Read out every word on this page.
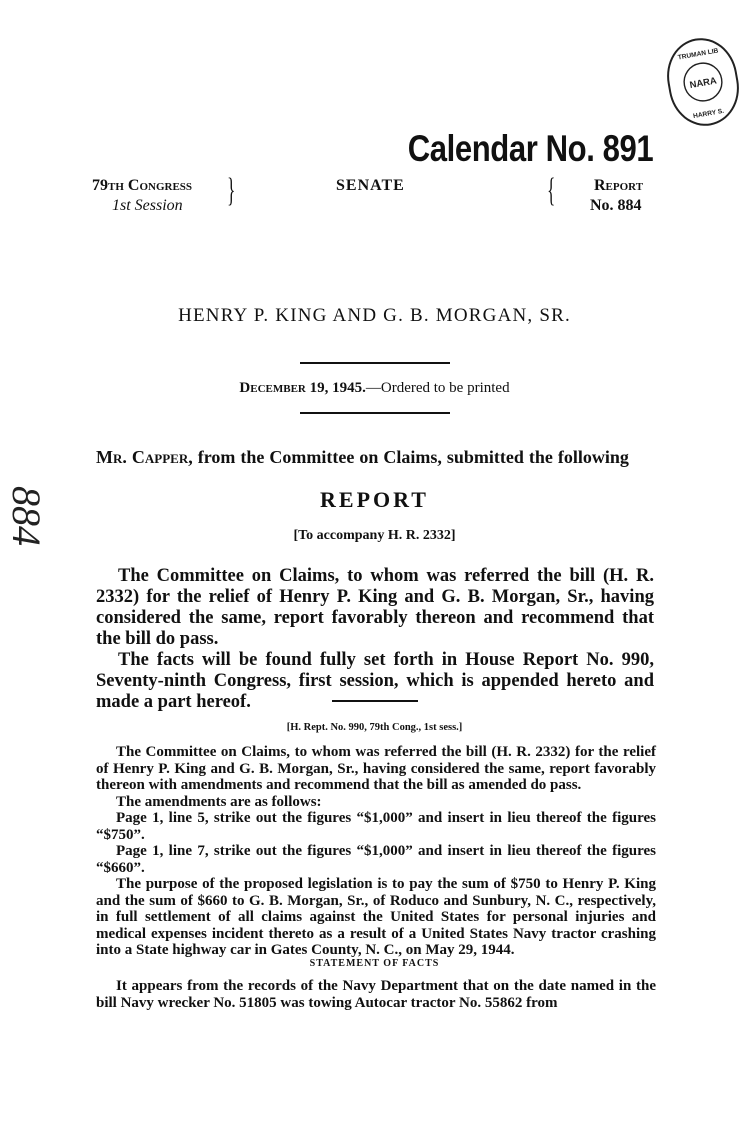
NARA
TRUMAN LIB
HARRY S.
Calendar No. 891
79th Congress
1st Session }	SENATE	{ Report
No. 884
HENRY P. KING AND G. B. MORGAN, SR.
December 19, 1945.—Ordered to be printed
Mr. Capper, from the Committee on Claims, submitted the following
REPORT
[To accompany H. R. 2332]

The Committee on Claims, to whom was referred the bill (H. R. 2332) for the relief of Henry P. King and G. B. Morgan, Sr., having considered the same, report favorably thereon and recommend that the bill do pass.

The facts will be found fully set forth in House Report No. 990, Seventy-ninth Congress, first session, which is appended hereto and made a part hereof.

[H. Rept. No. 990, 79th Cong., 1st sess.]

The Committee on Claims, to whom was referred the bill (H. R. 2332) for the relief of Henry P. King and G. B. Morgan, Sr., having considered the same, report favorably thereon with amendments and recommend that the bill as amended do pass.

The amendments are as follows:

Page 1, line 5, strike out the figures “$1,000” and insert in lieu thereof the figures “$750”.

Page 1, line 7, strike out the figures “$1,000” and insert in lieu thereof the figures “$660”.

The purpose of the proposed legislation is to pay the sum of $750 to Henry P. King and the sum of $660 to G. B. Morgan, Sr., of Roduco and Sunbury, N. C., respectively, in full settlement of all claims against the United States for personal injuries and medical expenses incident thereto as a result of a United States Navy tractor crashing into a State highway car in Gates County, N. C., on May 29, 1944.

STATEMENT OF FACTS

It appears from the records of the Navy Department that on the date named in the bill Navy wrecker No. 51805 was towing Autocar tractor No. 55862 from

884
